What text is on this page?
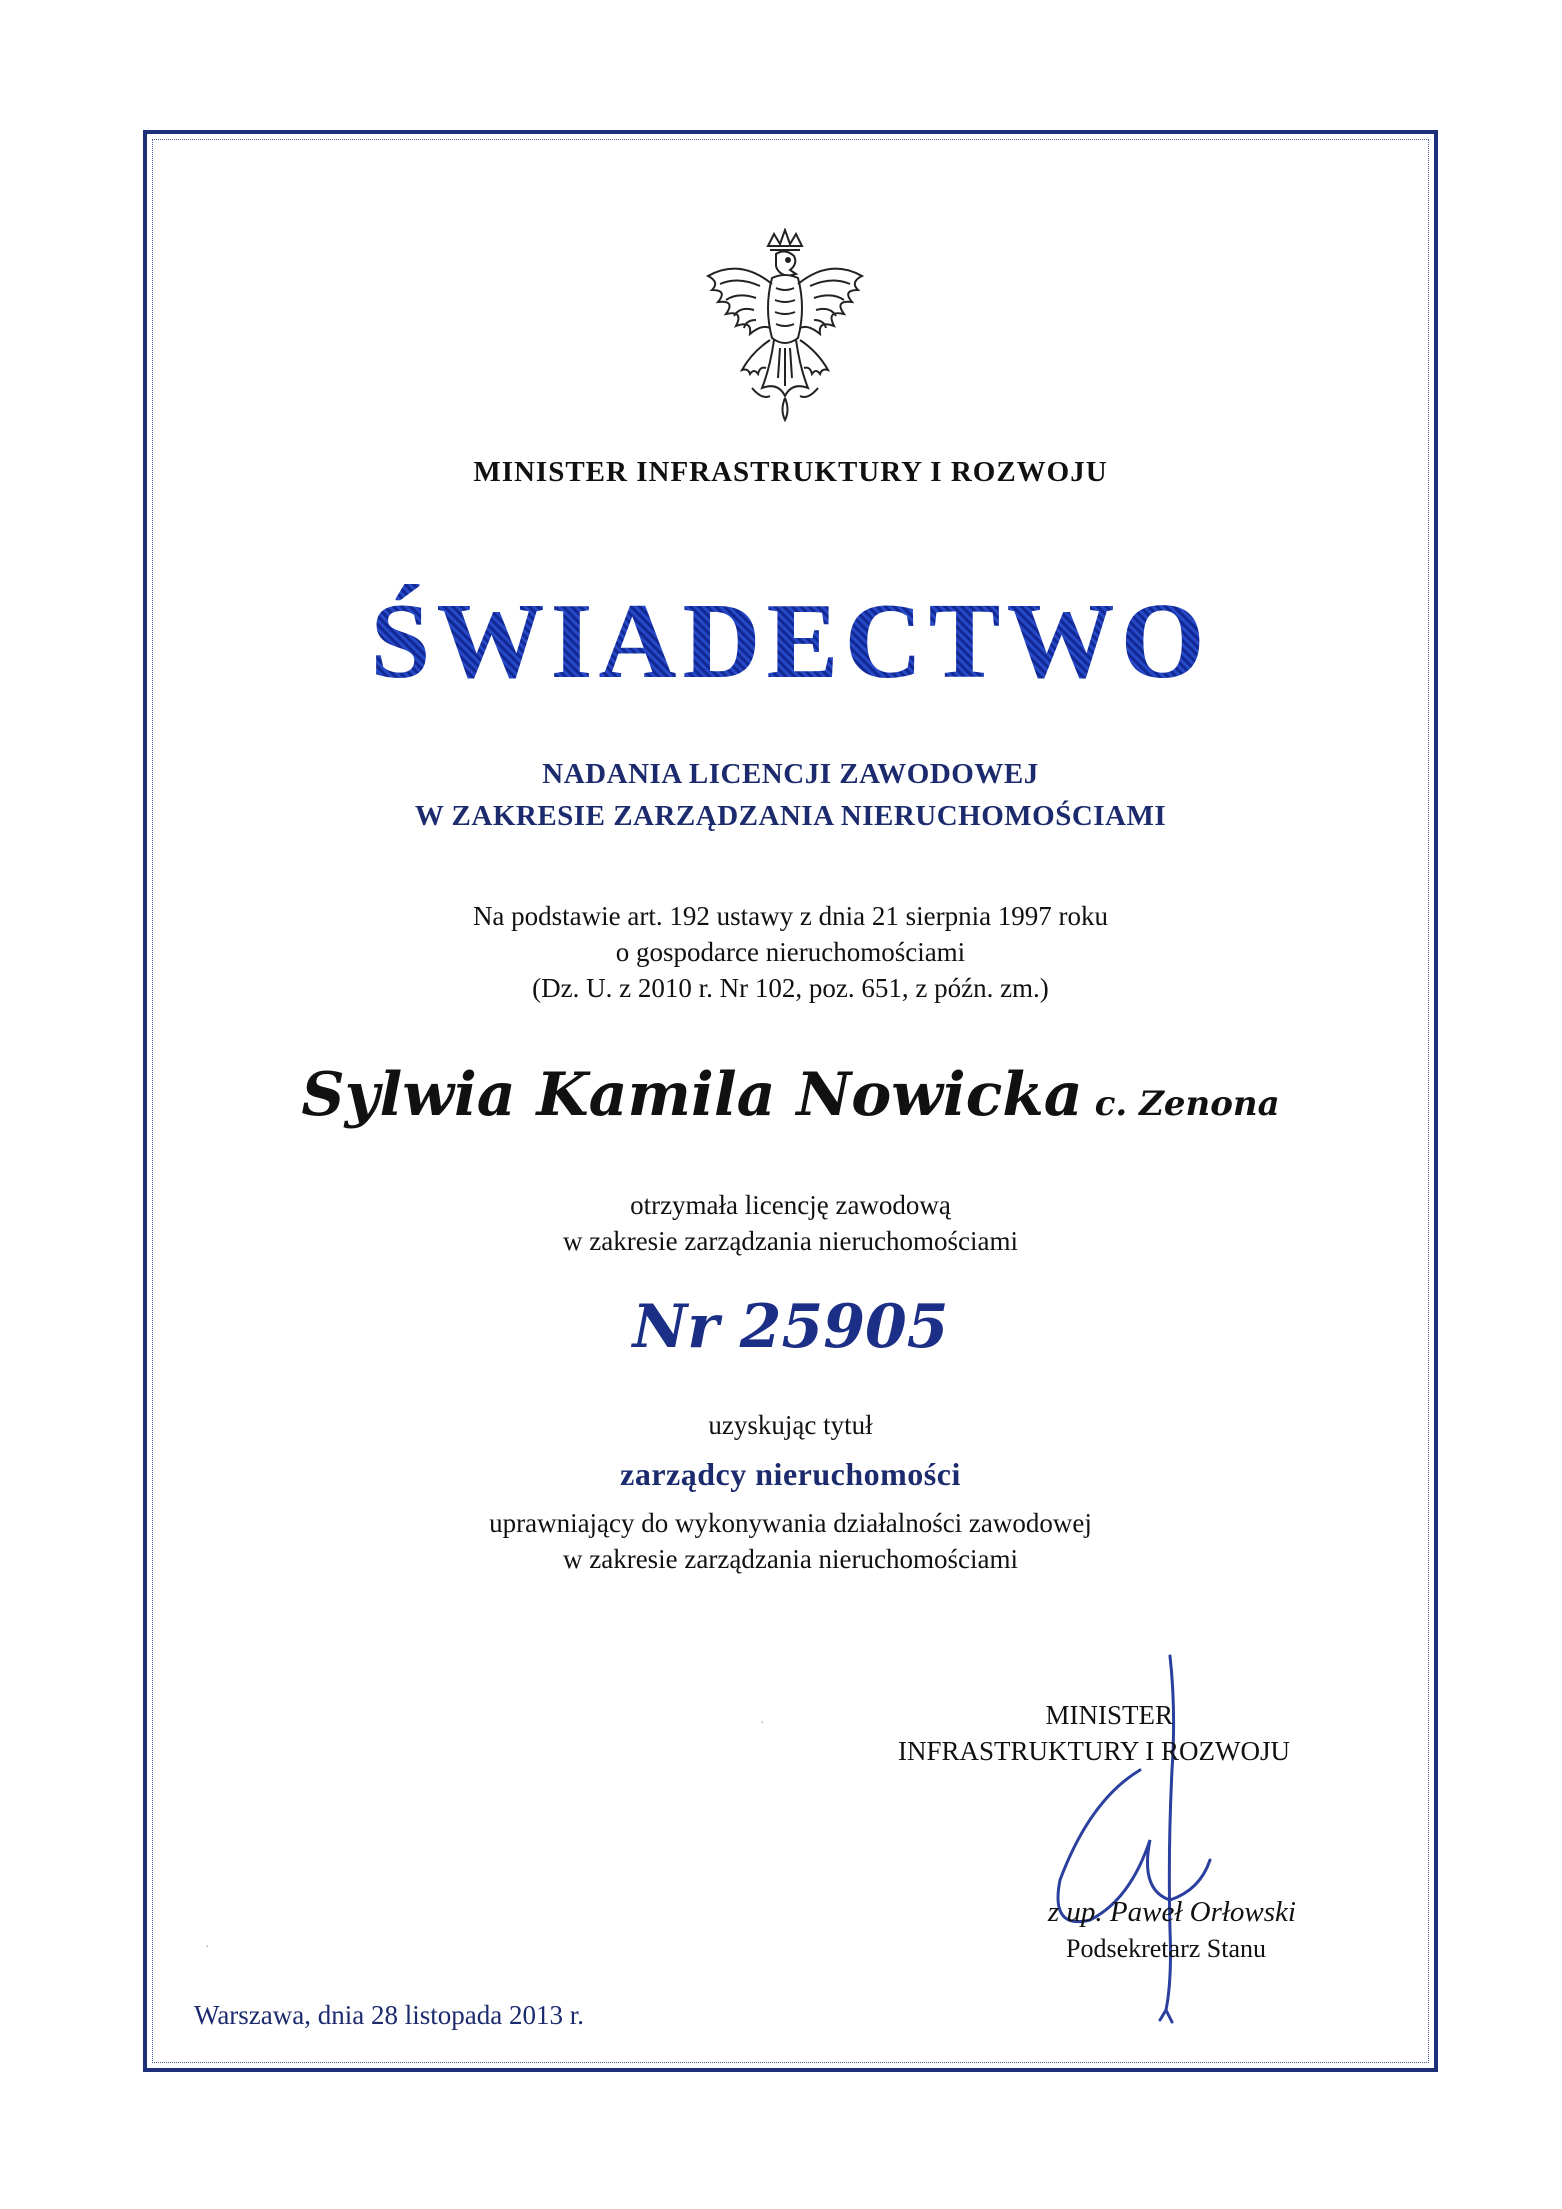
MINISTER INFRASTRUKTURY I ROZWOJU
ŚWIADECTWO
NADANIA LICENCJI ZAWODOWEJ
W ZAKRESIE ZARZĄDZANIA NIERUCHOMOŚCIAMI
Na podstawie art. 192 ustawy z dnia 21 sierpnia 1997 roku
o gospodarce nieruchomościami
(Dz. U. z 2010 r. Nr 102, poz. 651, z późn. zm.)
Sylwia Kamila Nowicka c. Zenona
otrzymała licencję zawodową
w zakresie zarządzania nieruchomościami
Nr 25905
uzyskując tytuł
zarządcy nieruchomości
uprawniający do wykonywania działalności zawodowej
w zakresie zarządzania nieruchomościami
MINISTER
INFRASTRUKTURY I ROZWOJU
z up. Paweł Orłowski
Podsekretarz Stanu
Warszawa, dnia 28 listopada 2013 r.
·
·
